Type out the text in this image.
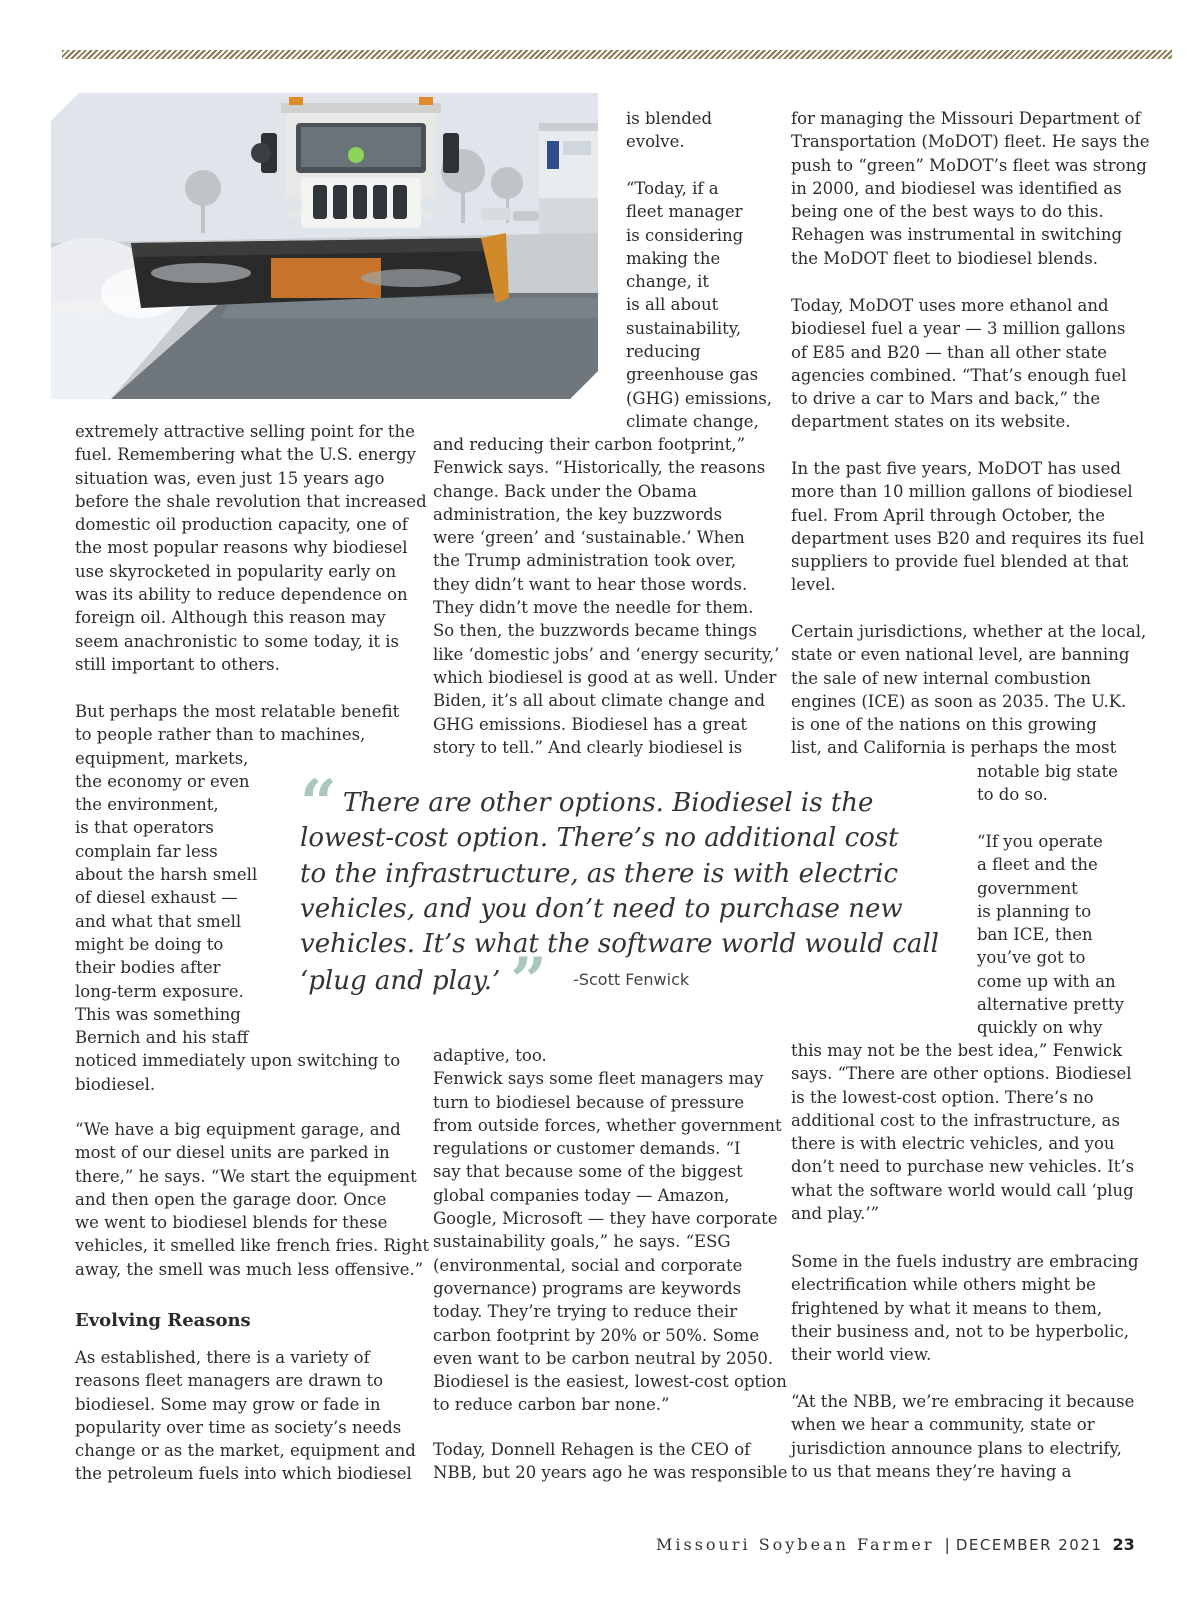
extremely attractive selling point for the
fuel. Remembering what the U.S. energy
situation was, even just 15 years ago
before the shale revolution that increased
domestic oil production capacity, one of
the most popular reasons why biodiesel
use skyrocketed in popularity early on
was its ability to reduce dependence on
foreign oil. Although this reason may
seem anachronistic to some today, it is
still important to others.
But perhaps the most relatable benefit
to people rather than to machines,
equipment, markets,
the economy or even
the environment,
is that operators
complain far less
about the harsh smell
of diesel exhaust —
and what that smell
might be doing to
their bodies after
long-term exposure.
This was something
Bernich and his staff
noticed immediately upon switching to
biodiesel.
“We have a big equipment garage, and
most of our diesel units are parked in
there,” he says. “We start the equipment
and then open the garage door. Once
we went to biodiesel blends for these
vehicles, it smelled like french fries. Right
away, the smell was much less offensive.”
Evolving Reasons
As established, there is a variety of
reasons fleet managers are drawn to
biodiesel. Some may grow or fade in
popularity over time as society’s needs
change or as the market, equipment and
the petroleum fuels into which biodiesel
is blended
evolve.
“Today, if a
fleet manager
is considering
making the
change, it
is all about
sustainability,
reducing
greenhouse gas
(GHG) emissions,
climate change,
and reducing their carbon footprint,”
Fenwick says. “Historically, the reasons
change. Back under the Obama
administration, the key buzzwords
were ‘green’ and ‘sustainable.’ When
the Trump administration took over,
they didn’t want to hear those words.
They didn’t move the needle for them.
So then, the buzzwords became things
like ‘domestic jobs’ and ‘energy security,’
which biodiesel is good at as well. Under
Biden, it’s all about climate change and
GHG emissions. Biodiesel has a great
story to tell.” And clearly biodiesel is
adaptive, too.
Fenwick says some fleet managers may
turn to biodiesel because of pressure
from outside forces, whether government
regulations or customer demands. “I
say that because some of the biggest
global companies today — Amazon,
Google, Microsoft — they have corporate
sustainability goals,” he says. “ESG
(environmental, social and corporate
governance) programs are keywords
today. They’re trying to reduce their
carbon footprint by 20% or 50%. Some
even want to be carbon neutral by 2050.
Biodiesel is the easiest, lowest-cost option
to reduce carbon bar none.”
Today, Donnell Rehagen is the CEO of
NBB, but 20 years ago he was responsible
for managing the Missouri Department of
Transportation (MoDOT) fleet. He says the
push to “green” MoDOT’s fleet was strong
in 2000, and biodiesel was identified as
being one of the best ways to do this.
Rehagen was instrumental in switching
the MoDOT fleet to biodiesel blends.
Today, MoDOT uses more ethanol and
biodiesel fuel a year — 3 million gallons
of E85 and B20 — than all other state
agencies combined. “That’s enough fuel
to drive a car to Mars and back,” the
department states on its website.
In the past five years, MoDOT has used
more than 10 million gallons of biodiesel
fuel. From April through October, the
department uses B20 and requires its fuel
suppliers to provide fuel blended at that
level.
Certain jurisdictions, whether at the local,
state or even national level, are banning
the sale of new internal combustion
engines (ICE) as soon as 2035. The U.K.
is one of the nations on this growing
list, and California is perhaps the most
notable big state
to do so.
“If you operate
a fleet and the
government
is planning to
ban ICE, then
you’ve got to
come up with an
alternative pretty
quickly on why
this may not be the best idea,” Fenwick
says. “There are other options. Biodiesel
is the lowest-cost option. There’s no
additional cost to the infrastructure, as
there is with electric vehicles, and you
don’t need to purchase new vehicles. It’s
what the software world would call ‘plug
and play.’”
Some in the fuels industry are embracing
electrification while others might be
frightened by what it means to them,
their business and, not to be hyperbolic,
their world view.
“At the NBB, we’re embracing it because
when we hear a community, state or
jurisdiction announce plans to electrify,
to us that means they’re having a
“ There are other options. Biodiesel is the
lowest-cost option. There’s no additional cost
to the infrastructure, as there is with electric
vehicles, and you don’t need to purchase new
vehicles. It’s what the software world would call
‘plug and play.’ ” -Scott Fenwick
Missouri Soybean Farmer | DECEMBER 2021 23
